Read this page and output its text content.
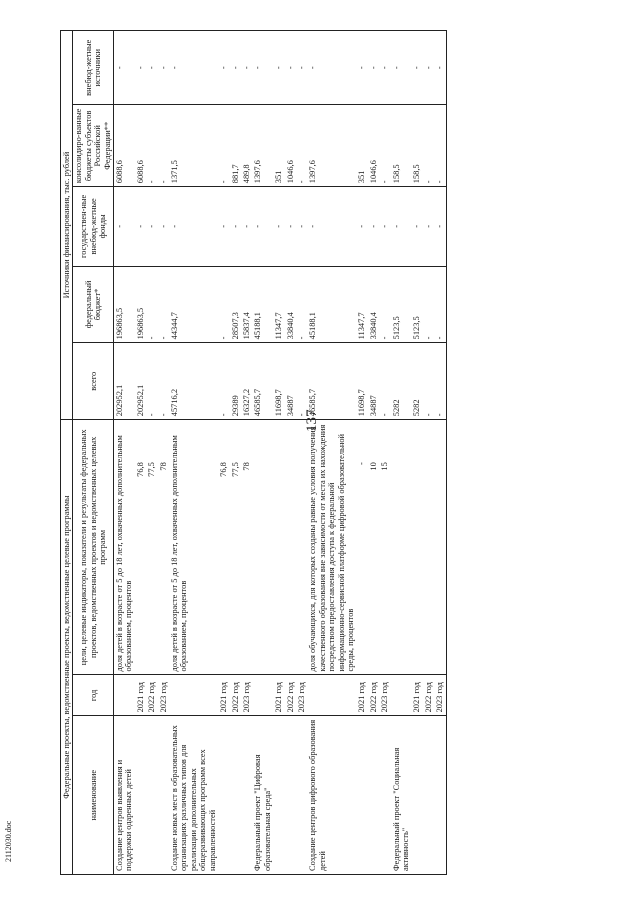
137
2112030.doc
Федеральные проекты, ведомственные проекты, ведомственные целевые программы			Источники финансирования, тыс. рублей				
наименование	год	цели, целевые индикаторы, показатели и результаты федеральных проектов, ведомственных проектов и ведомственных целевых программ	всего	федеральный бюджет*	государствен-ные внебюд-жетные фонды	консолидиро-ванные бюджеты субъектов Российской Федерации**	внебюд-жетные источники
Создание центров выявления и поддержки одаренных детей		доля детей в возрасте от 5 до 18 лет, охваченных дополнительным образованием, процентов	202952,1	196863,5	-	6088,6	-
	2021 год	76,8	202952,1	196863,5	-	6088,6	-
	2022 год	77,5	-	-	-	-	-
	2023 год	78	-	-	-	-	-
Создание новых мест в образовательных организациях различных типов для реализации дополнительных общеразвивающих программ всех направленностей		доля детей в возрасте от 5 до 18 лет, охваченных дополнительным образованием, процентов	45716,2	44344,7	-	1371,5	-
	2021 год	76,8	-	-	-	-	-
	2022 год	77,5	29389	28507,3	-	881,7	-
	2023 год	78	16327,2	15837,4	-	489,8	-
Федеральный проект "Цифровая образовательная среда"			46585,7	45188,1	-	1397,6	-
	2021 год		11698,7	11347,7	-	351	-
	2022 год		34887	33840,4	-	1046,6	-
	2023 год		-	-	-	-	-
Создание центров цифрового образования детей		доля обучающихся, для которых созданы равные условия получения качественного образования вне зависимости от места их нахождения посредством предоставления доступа к федеральной информационно-сервисной платформе цифровой образовательной среды, процентов	46585,7	45188,1	-	1397,6	-
	2021 год	-	11698,7	11347,7	-	351	-
	2022 год	10	34887	33840,4	-	1046,6	-
	2023 год	15	-	-	-	-	-
Федеральный проект "Социальная активность"			5282	5123,5	-	158,5	-
	2021 год		5282	5123,5	-	158,5	-
	2022 год		-	-	-	-	-
	2023 год		-	-	-	-	-
